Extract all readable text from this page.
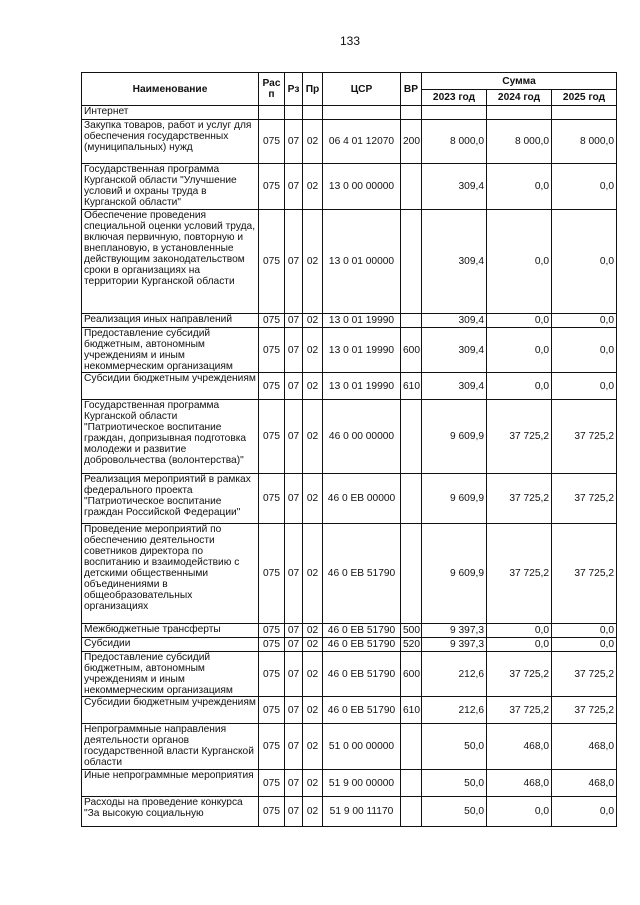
133
Наименование	Рас п	Рз	Пр	ЦСР	ВР	Сумма		
						2023 год	2024 год	2025 год
Интернет								
Закупка товаров, работ и услуг для обеспечения государственных (муниципальных) нужд	075	07	02	06 4 01 12070	200	8 000,0	8 000,0	8 000,0
Государственная программа Курганской области "Улучшение условий и охраны труда в Курганской области"	075	07	02	13 0 00 00000		309,4	0,0	0,0
Обеспечение проведения специальной оценки условий труда, включая первичную, повторную и внеплановую, в установленные действующим законодательством сроки в организациях на территории Курганской области	075	07	02	13 0 01 00000		309,4	0,0	0,0
Реализация иных направлений	075	07	02	13 0 01 19990		309,4	0,0	0,0
Предоставление субсидий бюджетным, автономным учреждениям и иным некоммерческим организациям	075	07	02	13 0 01 19990	600	309,4	0,0	0,0
Субсидии бюджетным учреждениям	075	07	02	13 0 01 19990	610	309,4	0,0	0,0
Государственная программа Курганской области "Патриотическое воспитание граждан, допризывная подготовка молодежи и развитие добровольчества (волонтерства)"	075	07	02	46 0 00 00000		9 609,9	37 725,2	37 725,2
Реализация мероприятий в рамках федерального проекта "Патриотическое воспитание граждан Российской Федерации"	075	07	02	46 0 EB 00000		9 609,9	37 725,2	37 725,2
Проведение мероприятий по обеспечению деятельности советников директора по воспитанию и взаимодействию с детскими общественными объединениями в общеобразовательных организациях	075	07	02	46 0 EB 51790		9 609,9	37 725,2	37 725,2
Межбюджетные трансферты	075	07	02	46 0 EB 51790	500	9 397,3	0,0	0,0
Субсидии	075	07	02	46 0 EB 51790	520	9 397,3	0,0	0,0
Предоставление субсидий бюджетным, автономным учреждениям и иным некоммерческим организациям	075	07	02	46 0 EB 51790	600	212,6	37 725,2	37 725,2
Субсидии бюджетным учреждениям	075	07	02	46 0 EB 51790	610	212,6	37 725,2	37 725,2
Непрограммные направления деятельности органов государственной власти Курганской области	075	07	02	51 0 00 00000		50,0	468,0	468,0
Иные непрограммные мероприятия	075	07	02	51 9 00 00000		50,0	468,0	468,0
Расходы на проведение конкурса "За высокую социальную	075	07	02	51 9 00 11170		50,0	0,0	0,0
